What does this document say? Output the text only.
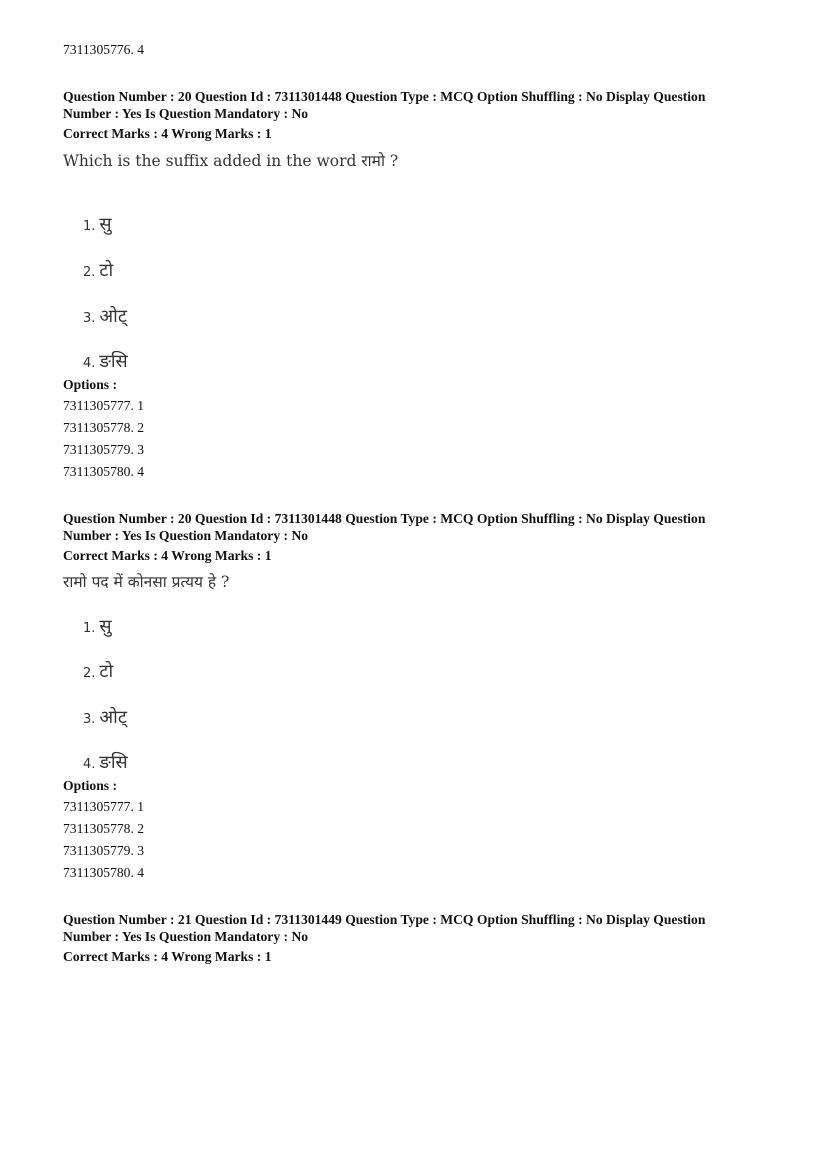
7311305776. 4
Question Number : 20 Question Id : 7311301448 Question Type : MCQ Option Shuffling : No Display Question
Number : Yes Is Question Mandatory : No
Correct Marks : 4 Wrong Marks : 1
Which is the suffix added in the word रामो ?
1. सु
2. टो
3. ओट्
4. ङसि
Options :
7311305777. 1
7311305778. 2
7311305779. 3
7311305780. 4
Question Number : 20 Question Id : 7311301448 Question Type : MCQ Option Shuffling : No Display Question
Number : Yes Is Question Mandatory : No
Correct Marks : 4 Wrong Marks : 1
रामो पद में कोनसा प्रत्यय हे ?
1. सु
2. टो
3. ओट्
4. ङसि
Options :
7311305777. 1
7311305778. 2
7311305779. 3
7311305780. 4
Question Number : 21 Question Id : 7311301449 Question Type : MCQ Option Shuffling : No Display Question
Number : Yes Is Question Mandatory : No
Correct Marks : 4 Wrong Marks : 1
